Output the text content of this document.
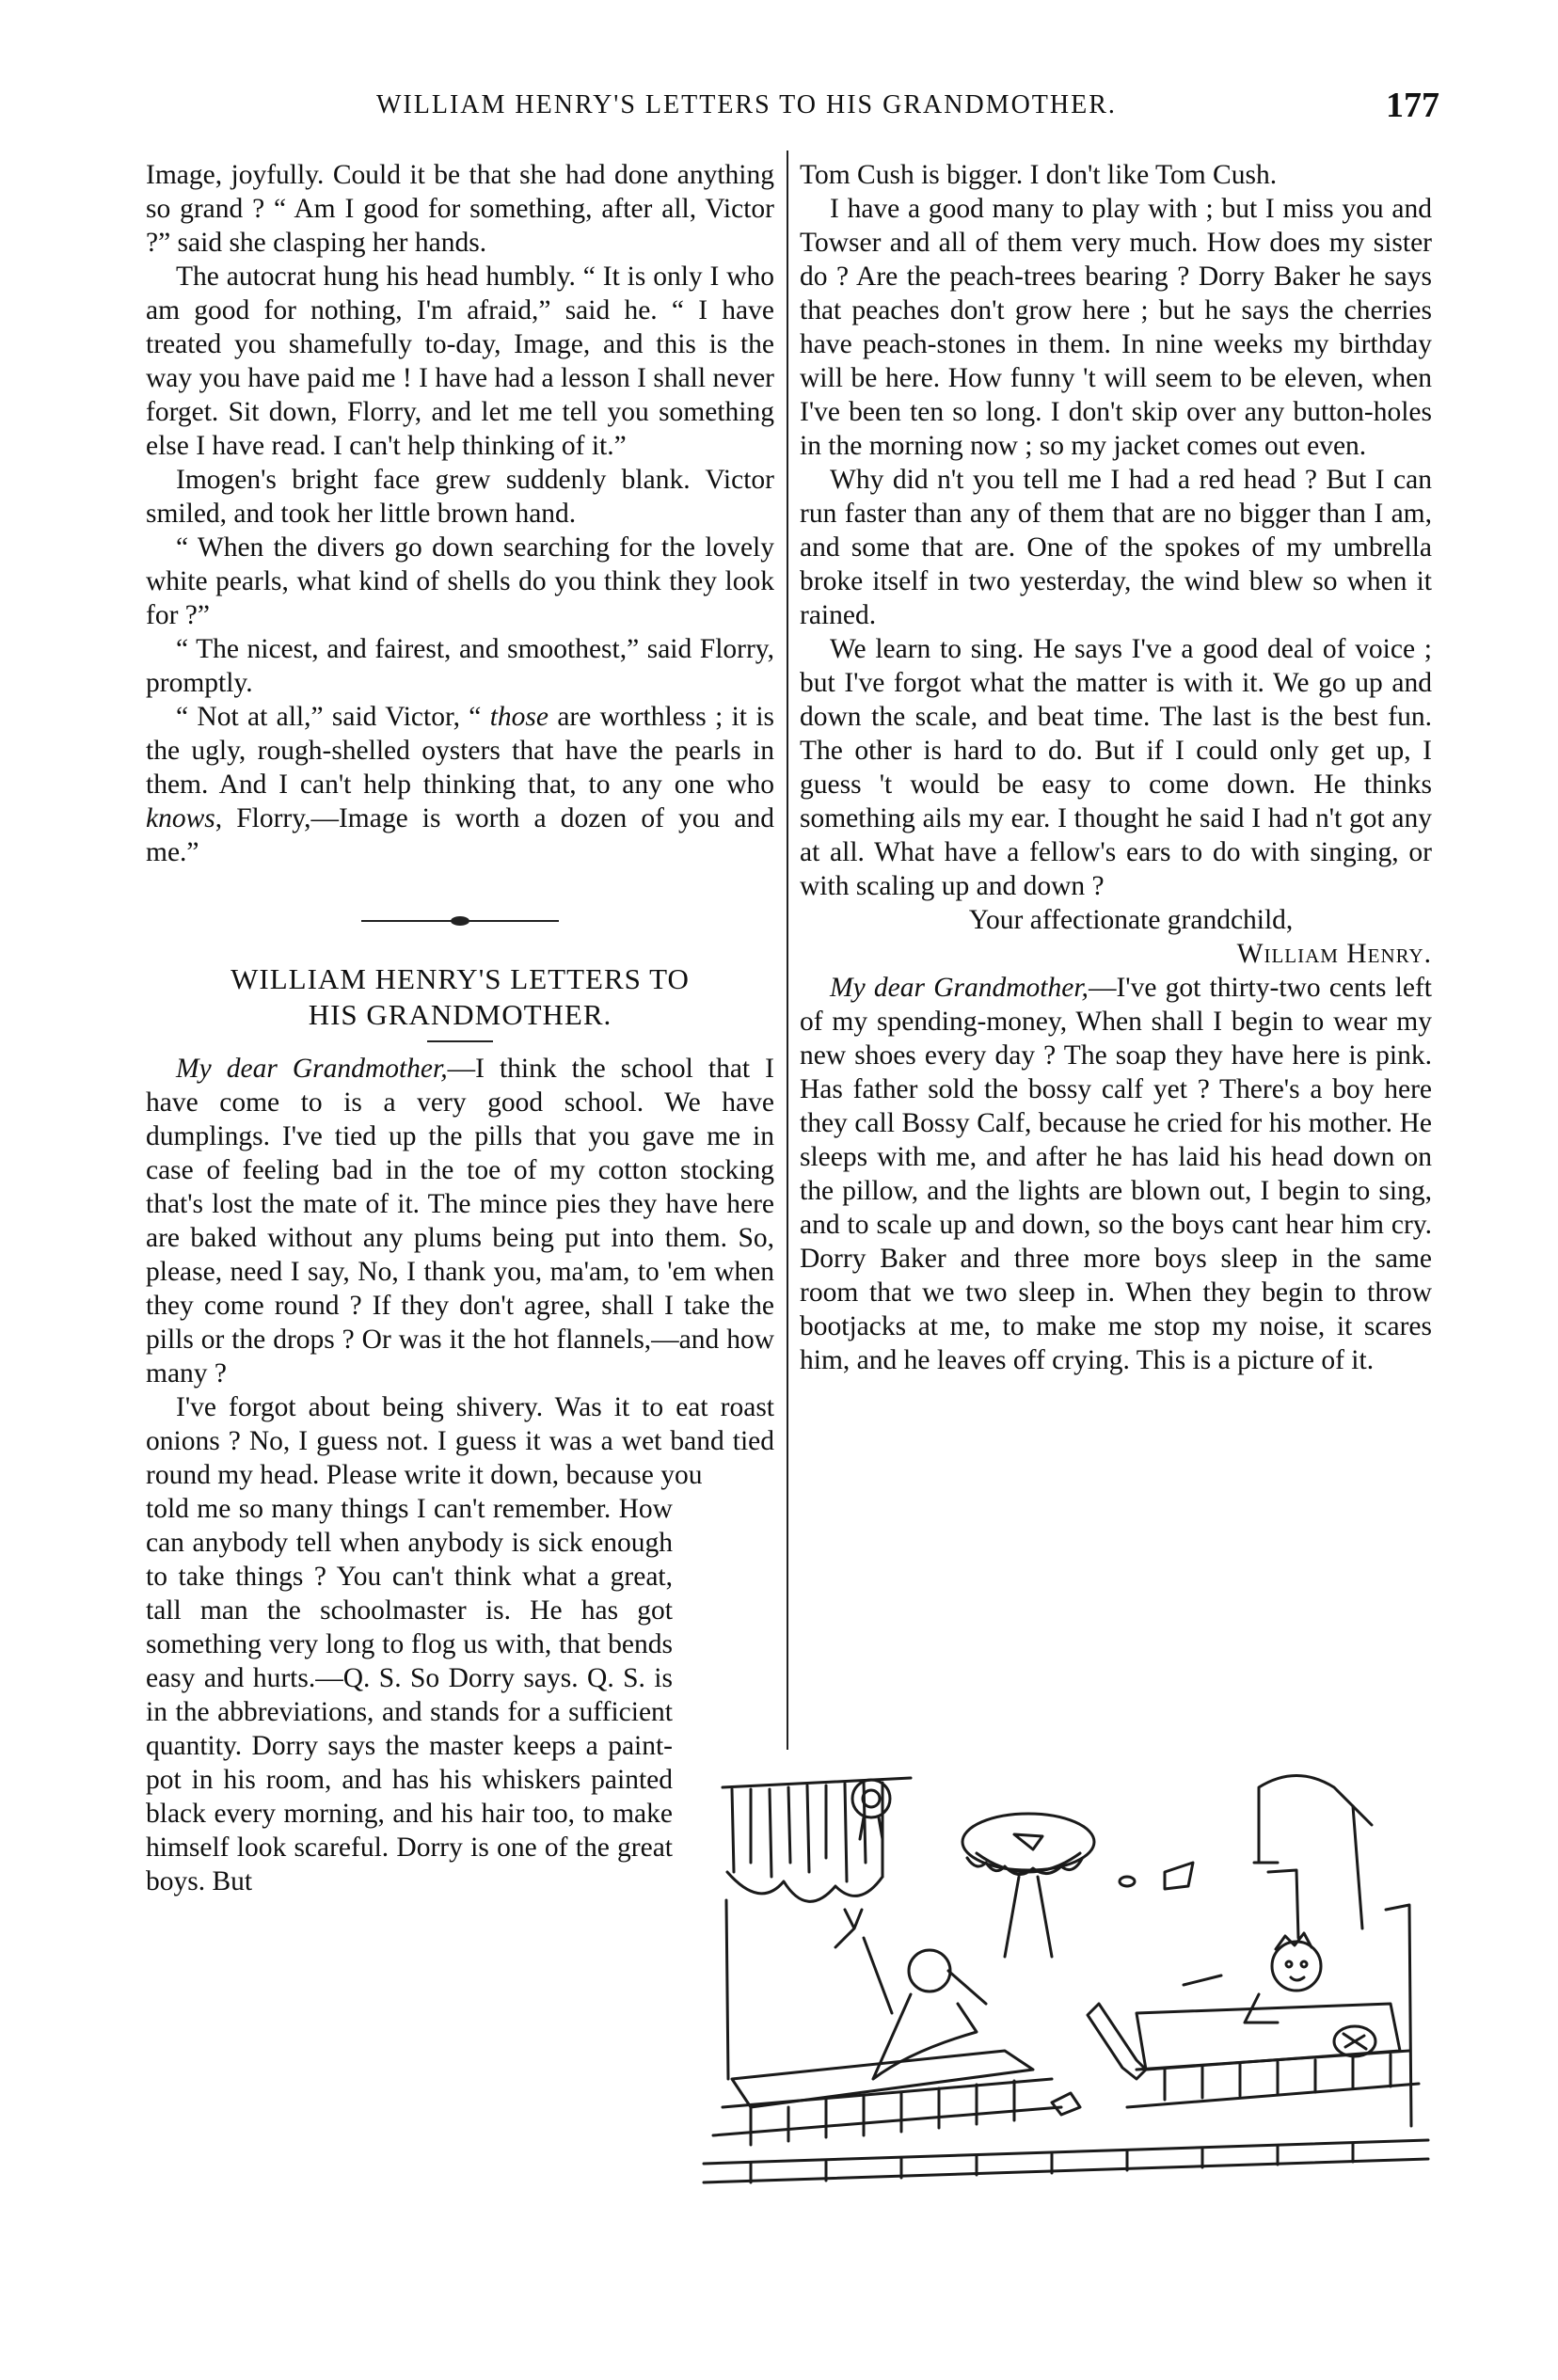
WILLIAM HENRY'S LETTERS TO HIS GRANDMOTHER.	177

Image, joyfully. Could it be that she had done anything so grand ? “ Am I good for something, after all, Victor ?” said she clasping her hands.

The autocrat hung his head humbly. “ It is only I who am good for nothing, I'm afraid,” said he. “ I have treated you shamefully to-day, Image, and this is the way you have paid me ! I have had a lesson I shall never forget. Sit down, Florry, and let me tell you something else I have read. I can't help thinking of it.”

Imogen's bright face grew suddenly blank. Victor smiled, and took her little brown hand.

“ When the divers go down searching for the lovely white pearls, what kind of shells do you think they look for ?”

“ The nicest, and fairest, and smoothest,” said Florry, promptly.

“ Not at all,” said Victor, “ those are worthless ; it is the ugly, rough-shelled oysters that have the pearls in them. And I can't help thinking that, to any one who knows, Florry,—Image is worth a dozen of you and me.”

WILLIAM HENRY'S LETTERS TO
HIS GRANDMOTHER.

My dear Grandmother,—I think the school that I have come to is a very good school. We have dumplings. I've tied up the pills that you gave me in case of feeling bad in the toe of my cotton stocking that's lost the mate of it. The mince pies they have here are baked without any plums being put into them. So, please, need I say, No, I thank you, ma'am, to 'em when they come round ? If they don't agree, shall I take the pills or the drops ? Or was it the hot flannels,—and how many ?

I've forgot about being shivery. Was it to eat roast onions ? No, I guess not. I guess it was a wet band tied round my head. Please write it down, because you

told me so many things I can't remember. How can anybody tell when anybody is sick enough to take things ? You can't think what a great, tall man the schoolmaster is. He has got something very long to flog us with, that bends easy and hurts.—Q. S. So Dorry says. Q. S. is in the abbreviations, and stands for a sufficient quantity. Dorry says the master keeps a paint-pot in his room, and has his whiskers painted black every morning, and his hair too, to make himself look scareful. Dorry is one of the great boys. But

Tom Cush is bigger. I don't like Tom Cush.

I have a good many to play with ; but I miss you and Towser and all of them very much. How does my sister do ? Are the peach-trees bearing ? Dorry Baker he says that peaches don't grow here ; but he says the cherries have peach-stones in them. In nine weeks my birthday will be here. How funny 't will seem to be eleven, when I've been ten so long. I don't skip over any button-holes in the morning now ; so my jacket comes out even.

Why did n't you tell me I had a red head ? But I can run faster than any of them that are no bigger than I am, and some that are. One of the spokes of my umbrella broke itself in two yesterday, the wind blew so when it rained.

We learn to sing. He says I've a good deal of voice ; but I've forgot what the matter is with it. We go up and down the scale, and beat time. The last is the best fun. The other is hard to do. But if I could only get up, I guess 't would be easy to come down. He thinks something ails my ear. I thought he said I had n't got any at all. What have a fellow's ears to do with singing, or with scaling up and down ?

Your affectionate grandchild,

William Henry.

My dear Grandmother,—I've got thirty-two cents left of my spending-money, When shall I begin to wear my new shoes every day ? The soap they have here is pink. Has father sold the bossy calf yet ? There's a boy here they call Bossy Calf, because he cried for his mother. He sleeps with me, and after he has laid his head down on the pillow, and the lights are blown out, I begin to sing, and to scale up and down, so the boys cant hear him cry. Dorry Baker and three more boys sleep in the same room that we two sleep in. When they begin to throw bootjacks at me, to make me stop my noise, it scares him, and he leaves off crying. This is a picture of it.
